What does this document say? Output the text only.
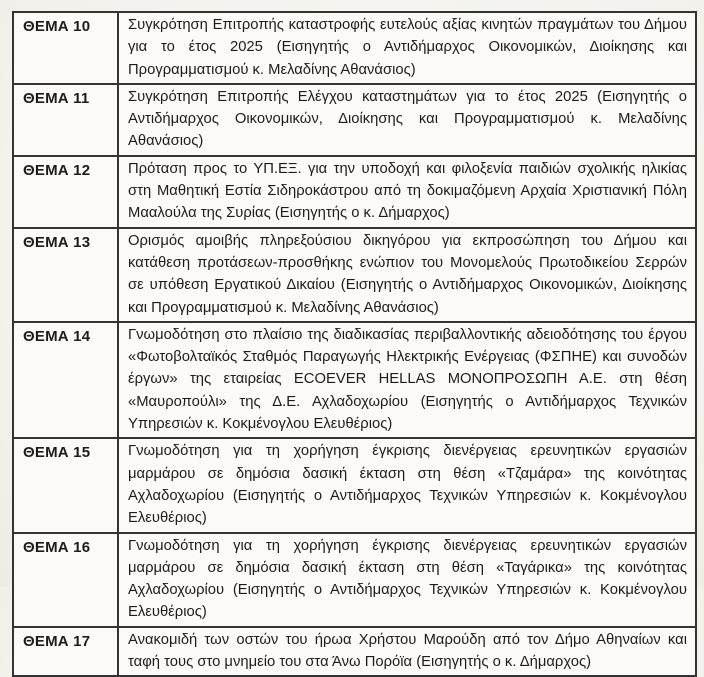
ΘΕΜΑ 10	Συγκρότηση Επιτροπής καταστροφής ευτελούς αξίας κινητών πραγμάτων του Δήμου για το έτος 2025 (Εισηγητής ο Αντιδήμαρχος Οικονομικών, Διοίκησης και Προγραμματισμού κ. Μελαδίνης Αθανάσιος)
ΘΕΜΑ 11	Συγκρότηση Επιτροπής Ελέγχου καταστημάτων για το έτος 2025 (Εισηγητής ο Αντιδήμαρχος Οικονομικών, Διοίκησης και Προγραμματισμού κ. Μελαδίνης Αθανάσιος)
ΘΕΜΑ 12	Πρόταση προς το ΥΠ.ΕΞ. για την υποδοχή και φιλοξενία παιδιών σχολικής ηλικίας στη Μαθητική Εστία Σιδηροκάστρου από τη δοκιμαζόμενη Αρχαία Χριστιανική Πόλη Μααλούλα της Συρίας (Εισηγητής ο κ. Δήμαρχος)
ΘΕΜΑ 13	Ορισμός αμοιβής πληρεξούσιου δικηγόρου για εκπροσώπηση του Δήμου και κατάθεση προτάσεων-προσθήκης ενώπιον του Μονομελούς Πρωτοδικείου Σερρών σε υπόθεση Εργατικού Δικαίου (Εισηγητής ο Αντιδήμαρχος Οικονομικών, Διοίκησης και Προγραμματισμού κ. Μελαδίνης Αθανάσιος)
ΘΕΜΑ 14	Γνωμοδότηση στο πλαίσιο της διαδικασίας περιβαλλοντικής αδειοδότησης του έργου «Φωτοβολταϊκός Σταθμός Παραγωγής Ηλεκτρικής Ενέργειας (ΦΣΠΗΕ) και συνοδών έργων» της εταιρείας ECOEVER HELLAS ΜΟΝΟΠΡΟΣΩΠΗ Α.Ε. στη θέση «Μαυροπούλι» της Δ.Ε. Αχλαδοχωρίου (Εισηγητής ο Αντιδήμαρχος Τεχνικών Υπηρεσιών κ. Κοκμένογλου Ελευθέριος)
ΘΕΜΑ 15	Γνωμοδότηση για τη χορήγηση έγκρισης διενέργειας ερευνητικών εργασιών μαρμάρου σε δημόσια δασική έκταση στη θέση «Τζαμάρα» της κοινότητας Αχλαδοχωρίου (Εισηγητής ο Αντιδήμαρχος Τεχνικών Υπηρεσιών κ. Κοκμένογλου Ελευθέριος)
ΘΕΜΑ 16	Γνωμοδότηση για τη χορήγηση έγκρισης διενέργειας ερευνητικών εργασιών μαρμάρου σε δημόσια δασική έκταση στη θέση «Ταγάρικα» της κοινότητας Αχλαδοχωρίου (Εισηγητής ο Αντιδήμαρχος Τεχνικών Υπηρεσιών κ. Κοκμένογλου Ελευθέριος)
ΘΕΜΑ 17	Ανακομιδή των οστών του ήρωα Χρήστου Μαρούδη από τον Δήμο Αθηναίων και ταφή τους στο μνημείο του στα Άνω Πορόϊα (Εισηγητής ο κ. Δήμαρχος)
